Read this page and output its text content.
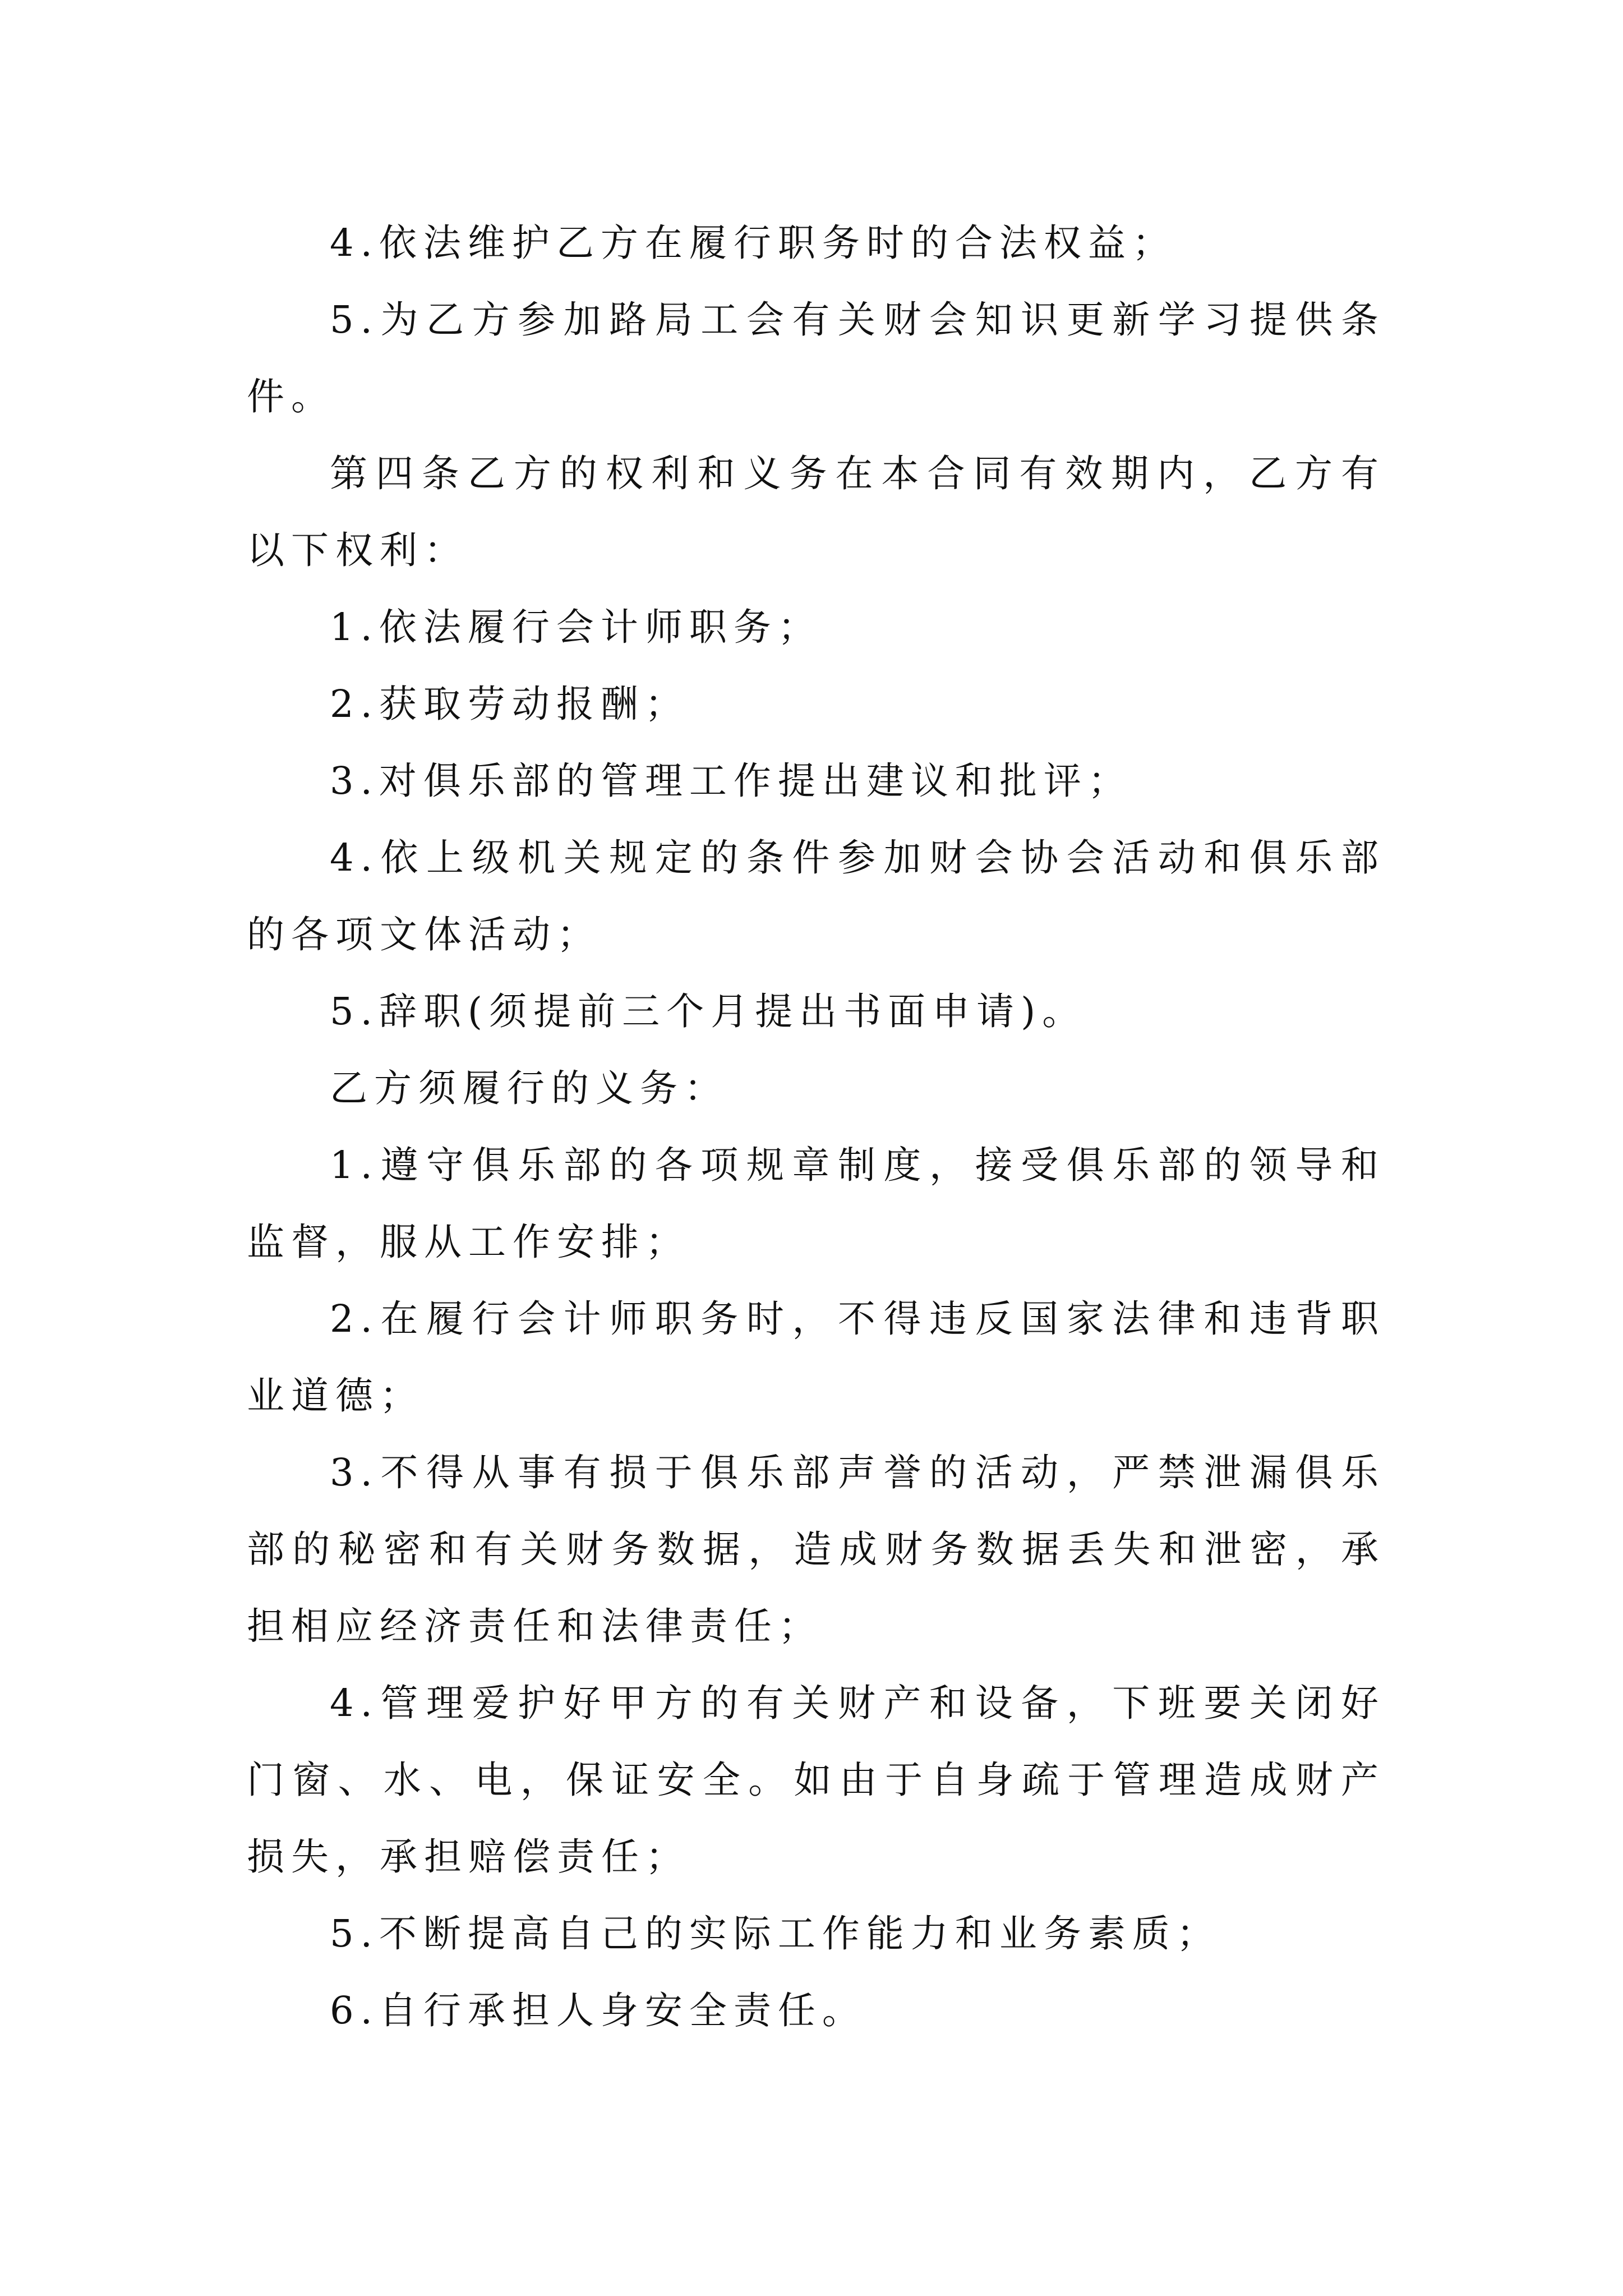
4.依法维护乙方在履行职务时的合法权益；

5.为乙方参加路局工会有关财会知识更新学习提供条件。

第四条乙方的权利和义务在本合同有效期内，乙方有以下权利：

1.依法履行会计师职务；

2.获取劳动报酬；

3.对俱乐部的管理工作提出建议和批评；

4.依上级机关规定的条件参加财会协会活动和俱乐部的各项文体活动；

5.辞职(须提前三个月提出书面申请)。

乙方须履行的义务：

1.遵守俱乐部的各项规章制度，接受俱乐部的领导和监督，服从工作安排；

2.在履行会计师职务时，不得违反国家法律和违背职业道德；

3.不得从事有损于俱乐部声誉的活动，严禁泄漏俱乐部的秘密和有关财务数据，造成财务数据丢失和泄密，承担相应经济责任和法律责任；

4.管理爱护好甲方的有关财产和设备，下班要关闭好门窗、水、电，保证安全。如由于自身疏于管理造成财产损失，承担赔偿责任；

5.不断提高自己的实际工作能力和业务素质；

6.自行承担人身安全责任。
